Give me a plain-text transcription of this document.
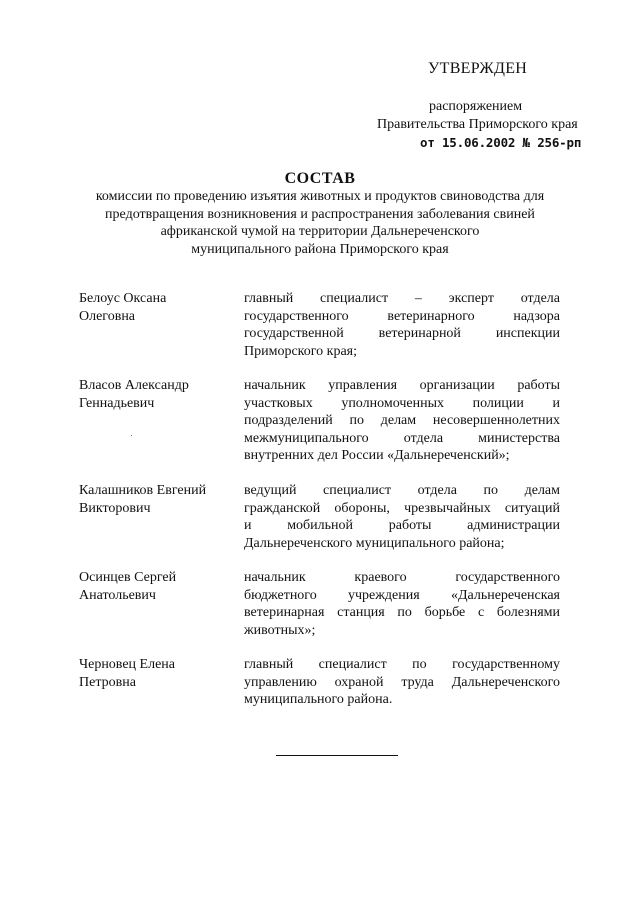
УТВЕРЖДЕН
распоряжением
Правительства Приморского края
от 15.06.2002 № 256-рп
СОСТАВ
комиссии по проведению изъятия животных и продуктов свиноводства для
предотвращения возникновения и распространения заболевания свиней
африканской чумой на территории Дальнереченского
муниципального района Приморского края
Белоус Оксана
Олеговна
главный специалист – эксперт отдела
государственного ветеринарного надзора
государственной ветеринарной инспекции
Приморского края;
Власов Александр
Геннадьевич
начальник управления организации работы
участковых уполномоченных полиции и
подразделений по делам несовершеннолетних
межмуниципального отдела министерства
внутренних дел России «Дальнереченский»;
Калашников Евгений
Викторович
ведущий специалист отдела по делам
гражданской обороны, чрезвычайных ситуаций
и мобильной работы администрации
Дальнереченского муниципального района;
Осинцев Сергей
Анатольевич
начальник краевого государственного
бюджетного учреждения «Дальнереченская
ветеринарная станция по борьбе с болезнями
животных»;
Черновец Елена
Петровна
главный специалист по государственному
управлению охраной труда Дальнереченского
муниципального района.
